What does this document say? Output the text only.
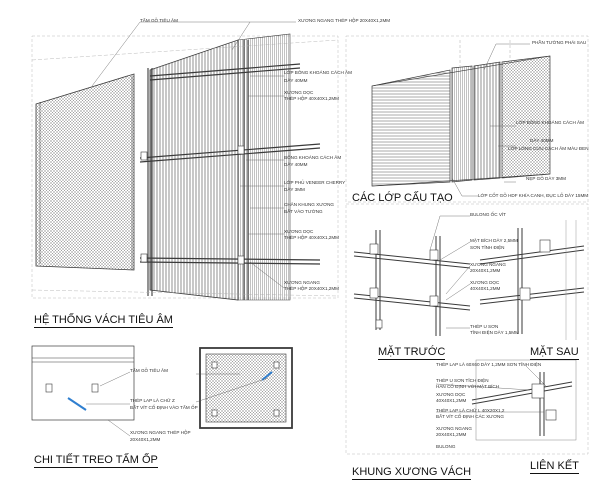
TẤM GỖ TIÊU ÂM	XƯƠNG NGANG THÉP HỘP 20X40X1,2MM
PHẦN TƯỜNG PHÁI SAU
LỚP BÔNG KHOÁNG CÁCH ÂM
DÀY 40MM
XƯƠNG DỌC
THÉP HỘP 40X40X1,2MM
BÔNG KHOÁNG CÁCH ÂM
DÀY 40MM
LỚP PHỦ VENEER CHERRY
DÀY 3MM
CHÂN KHUNG XƯƠNG
BẮT VÀO TƯỜNG
XƯƠNG DỌC
THÉP HỘP 40X40X1,2MM
XƯƠNG NGANG
THÉP HỘP 20X40X1,2MM
LỚP BÔNG KHOÁNG CÁCH ÂM
DÀY 40MM
LỚP LÔNG CỪU CÁCH ÂM MÀU ĐEN
NẸP GỖ DÀY 3MM
LỚP CỐT GỖ HDF KHÍA CANH, ĐỤC LỖ DÀY 15MM
BULONG ỐC VÍT
MẶT BÍCH DÀY 2,5MM
SƠN TĨNH ĐIỆN
XƯƠNG NGANG
20X40X1,2MM
XƯƠNG DỌC
40X40X1,2MM
THÉP U SƠN
TĨNH ĐIỆN DÀY 1,5MM
TẤM GỖ TIÊU ÂM
THÉP LAP LÀ CHỮ Z
BẮT VÍT CỐ ĐỊNH VÀO TẤM ỐP
XƯƠNG NGANG THÉP HỘP
20X40X1,2MM
THÉP LAP LÀ 60X60 DÀY 1,2MM SƠN TĨNH ĐIỆN
THÉP U SƠN TĨCH ĐIỆN
HÀN CỐ ĐỊNH VỚI MẶT BÍCH
XƯƠNG DỌC
40X40X1,2MM
THÉP LAP LÀ CHỮ L 40X20X1,2
BẮT VÍT CỐ ĐỊNH CÁC XƯƠNG
XƯƠNG NGANG
20X40X1,2MM
BULONG
HỆ THỐNG VÁCH TIÊU ÂM
CÁC LỚP CẤU TẠO
CHI TIẾT TREO TẤM ỐP
MẶT TRƯỚC	MẶT SAU
KHUNG XƯƠNG VÁCH	LIÊN KẾT
